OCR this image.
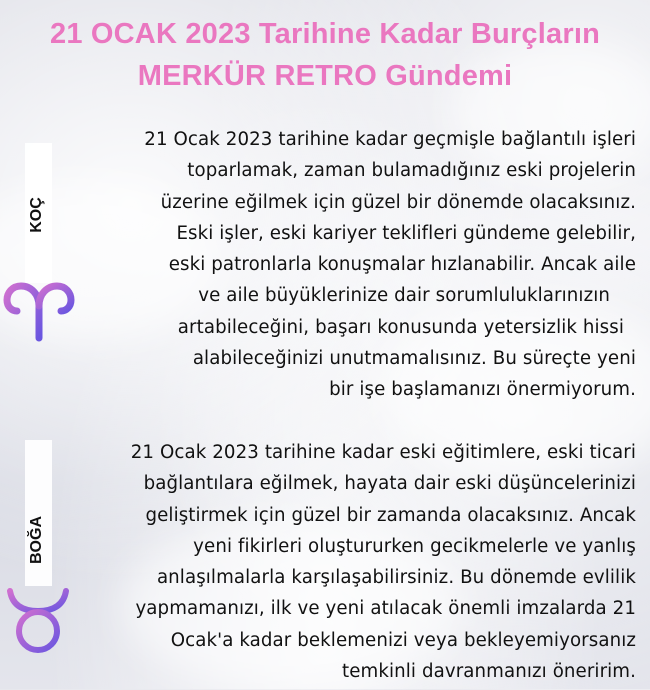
21 OCAK 2023 Tarihine Kadar Burçların
MERKÜR RETRO Gündemi
KOÇ
21 Ocak 2023 tarihine kadar geçmişle bağlantılı işleri
toparlamak, zaman bulamadığınız eski projelerin
üzerine eğilmek için güzel bir dönemde olacaksınız.
Eski işler, eski kariyer teklifleri gündeme gelebilir,
eski patronlarla konuşmalar hızlanabilir. Ancak aile
ve aile büyüklerinize dair sorumluluklarınızın
artabileceğini, başarı konusunda yetersizlik hissi
alabileceğinizi unutmamalısınız. Bu süreçte yeni
bir işe başlamanızı önermiyorum.
BOĞA
21 Ocak 2023 tarihine kadar eski eğitimlere, eski ticari
bağlantılara eğilmek, hayata dair eski düşüncelerinizi
geliştirmek için güzel bir zamanda olacaksınız. Ancak
yeni fikirleri oluştururken gecikmelerle ve yanlış
anlaşılmalarla karşılaşabilirsiniz. Bu dönemde evlilik
yapmamanızı, ilk ve yeni atılacak önemli imzalarda 21
Ocak'a kadar beklemenizi veya bekleyemiyorsanız
temkinli davranmanızı öneririm.
